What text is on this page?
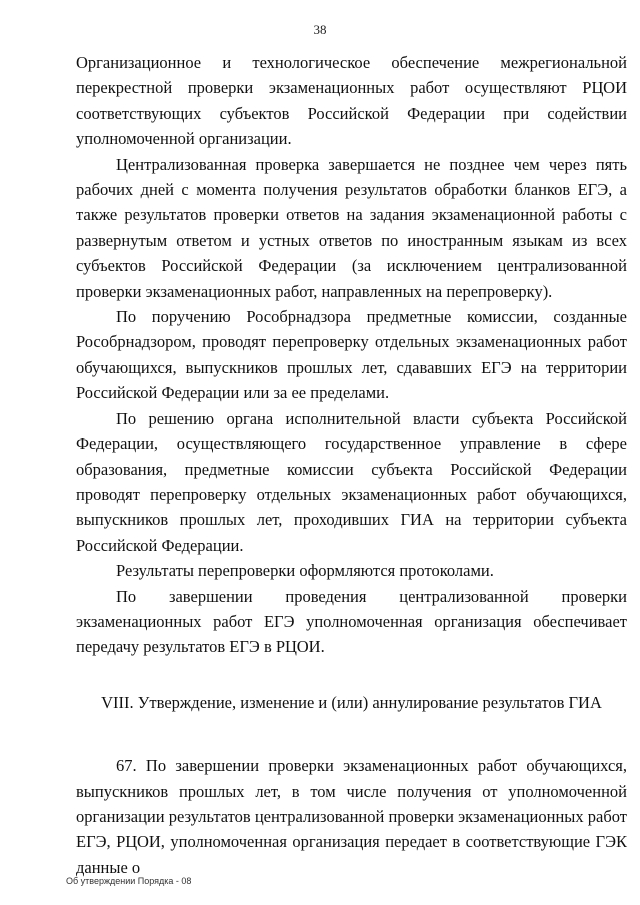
38

Организационное и технологическое обеспечение межрегиональной перекрестной проверки экзаменационных работ осуществляют РЦОИ соответствующих субъектов Российской Федерации при содействии уполномоченной организации.

Централизованная проверка завершается не позднее чем через пять рабочих дней с момента получения результатов обработки бланков ЕГЭ, а также результатов проверки ответов на задания экзаменационной работы с развернутым ответом и устных ответов по иностранным языкам из всех субъектов Российской Федерации (за исключением централизованной проверки экзаменационных работ, направленных на перепроверку).

По поручению Рособрнадзора предметные комиссии, созданные Рособрнадзором, проводят перепроверку отдельных экзаменационных работ обучающихся, выпускников прошлых лет, сдававших ЕГЭ на территории Российской Федерации или за ее пределами.

По решению органа исполнительной власти субъекта Российской Федерации, осуществляющего государственное управление в сфере образования, предметные комиссии субъекта Российской Федерации проводят перепроверку отдельных экзаменационных работ обучающихся, выпускников прошлых лет, проходивших ГИА на территории субъекта Российской Федерации.

Результаты перепроверки оформляются протоколами.

По завершении проведения централизованной проверки экзаменационных работ ЕГЭ уполномоченная организация обеспечивает передачу результатов ЕГЭ в РЦОИ.

VIII. Утверждение, изменение и (или) аннулирование результатов ГИА

67. По завершении проверки экзаменационных работ обучающихся, выпускников прошлых лет, в том числе получения от уполномоченной организации результатов централизованной проверки экзаменационных работ ЕГЭ, РЦОИ, уполномоченная организация передает в соответствующие ГЭК данные о

Об утверждении Порядка - 08
